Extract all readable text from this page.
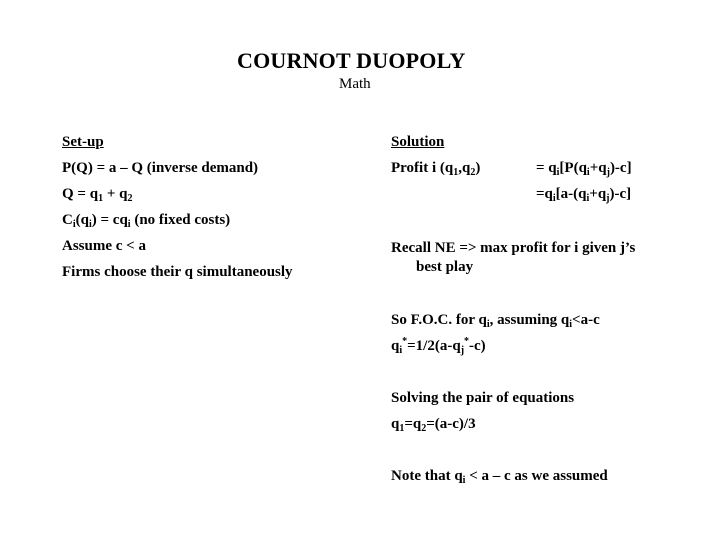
COURNOT DUOPOLY
Math
Set-up
P(Q) = a – Q (inverse demand)
$Q = q_1 + q_2$
$C_i(q_i) = cq_i$ (no fixed costs)
Assume c < a
Firms choose their q simultaneously
Solution
Profit i $(q_1,q_2)$	= $q_i[P(q_i+q_j)-c]$
$=q_i[a-(q_i+q_j)-c]$
Recall NE => max profit for i given j’s
best play
So F.O.C. for $q_i$, assuming $q_i<a-c$
$q_i^*=1/2(a-q_j^*-c)$
Solving the pair of equations
$q_1=q_2=(a-c)/3$
Note that $q_i < a - c$ as we assumed
